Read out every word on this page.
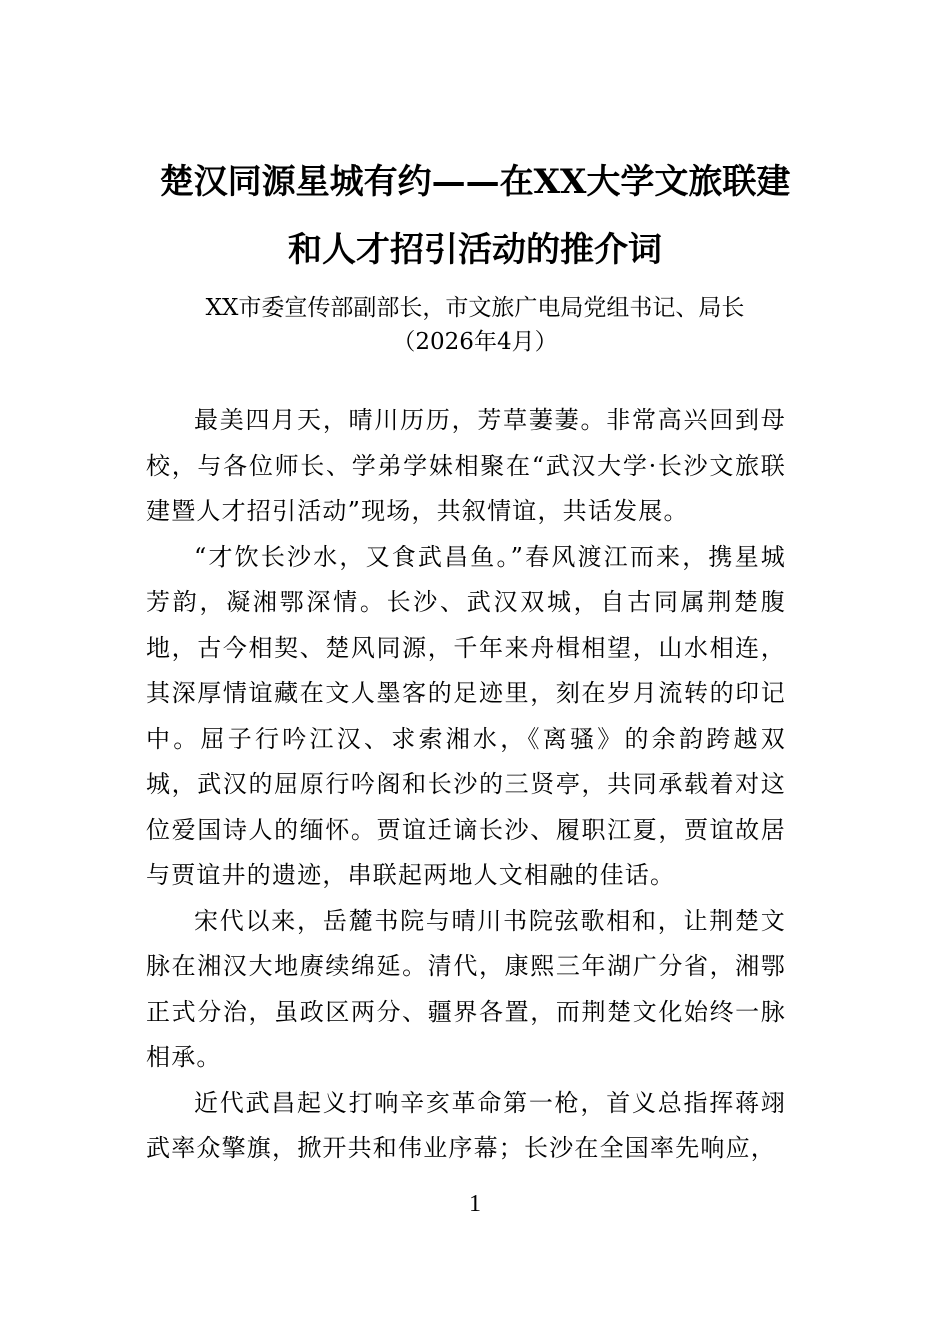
楚汉同源星城有约——在XX大学文旅联建
和人才招引活动的推介词
XX市委宣传部副部长，市文旅广电局党组书记、局长
（2026年4月）

最美四月天，晴川历历，芳草萋萋。非常高兴回到母校，与各位师长、学弟学妹相聚在“武汉大学·长沙文旅联建暨人才招引活动”现场，共叙情谊，共话发展。

“才饮长沙水，又食武昌鱼。”春风渡江而来，携星城芳韵，凝湘鄂深情。长沙、武汉双城，自古同属荆楚腹地，古今相契、楚风同源，千年来舟楫相望，山水相连，其深厚情谊藏在文人墨客的足迹里，刻在岁月流转的印记中。屈子行吟江汉、求索湘水，《离骚》的余韵跨越双城，武汉的屈原行吟阁和长沙的三贤亭，共同承载着对这位爱国诗人的缅怀。贾谊迁谪长沙、履职江夏，贾谊故居与贾谊井的遗迹，串联起两地人文相融的佳话。

宋代以来，岳麓书院与晴川书院弦歌相和，让荆楚文脉在湘汉大地赓续绵延。清代，康熙三年湖广分省，湘鄂正式分治，虽政区两分、疆界各置，而荆楚文化始终一脉相承。

近代武昌起义打响辛亥革命第一枪，首义总指挥蒋翊武率众擎旗，掀开共和伟业序幕；长沙在全国率先响应，

1
